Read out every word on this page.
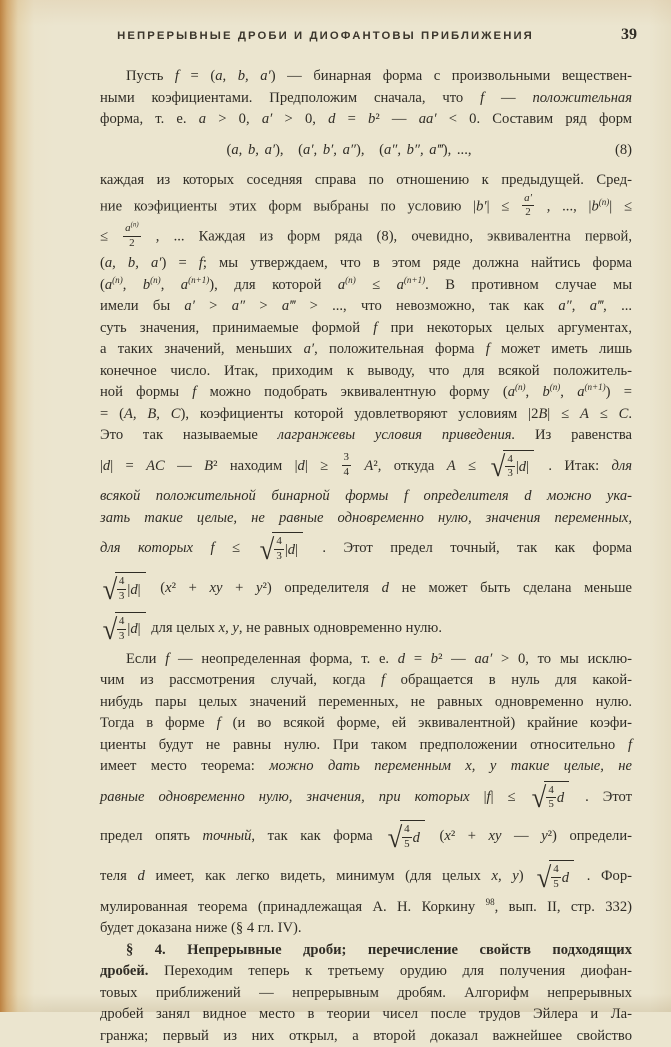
НЕПРЕРЫВНЫЕ ДРОБИ И ДИОФАНТОВЫ ПРИБЛИЖЕНИЯ	39
Пусть f = (a, b, a′) — бинарная форма с произвольными веществен-
ными коэфициентами. Предположим сначала, что f — положительная
форма, т. е. a > 0, a′ > 0, d = b² — aa′ < 0. Составим ряд форм
(a, b, a′),  (a′, b′, a″),  (a″, b″, a‴), ...,	(8)
каждая из которых соседняя справа по отношению к предыдущей. Сред-
ние коэфициенты этих форм выбраны по условию $|b'| \le \frac{a'}{2}$ , ..., $|b^{(n)}|$ ≤
≤ $\frac{a^{(n)}}{2}$ , ... Каждая из форм ряда (8), очевидно, эквивалентна первой,
(a, b, a′) = f; мы утверждаем, что в этом ряде должна найтись форма
($a^{(n)}$, $b^{(n)}$, $a^{(n+1)}$), для которой $a^{(n)} \le a^{(n+1)}$. В противном случае мы
имели бы a′ > a″ > a‴ > ..., что невозможно, так как a″, a‴, ...
суть значения, принимаемые формой f при некоторых целых аргументах,
а таких значений, меньших a′, положительная форма f может иметь лишь
конечное число. Итак, приходим к выводу, что для всякой положитель-
ной формы f можно подобрать эквивалентную форму ($a^{(n)}$, $b^{(n)}$, $a^{(n+1)}$) =
= (A, B, C), коэфициенты которой удовлетворяют условиям |2B| ≤ A ≤ C.
Это так называемые лагранжевы условия приведения. Из равенства
|d| = AC — B² находим $|d| \ge \frac{3}{4} A^2$, откуда A ≤ √
$\frac{4}{3}$ | d | . Итак: для
всякой положительной бинарной формы f определителя d можно ука-
зать такие целые, не равные одновременно нулю, значения переменных,
для которых f ≤ √
$\frac{4}{3}$ | d | . Этот предел точный, так как форма
√
$\frac{4}{3}$ | d | (x² + xy + y²) определителя d не может быть сделана меньше
√
$\frac{4}{3}$ | d | для целых x, y, не равных одновременно нулю.
Если f — неопределенная форма, т. е. d = b² — aa′ > 0, то мы исклю-
чим из рассмотрения случай, когда f обращается в нуль для какой-
нибудь пары целых значений переменных, не равных одновременно нулю.
Тогда в форме f (и во всякой форме, ей эквивалентной) крайние коэфи-
циенты будут не равны нулю. При таком предположении относительно f
имеет место теорема: можно дать переменным x, y такие целые, не
равные одновременно нулю, значения, при которых |f| ≤ √
$\frac{4}{5}$ d . Этот
предел опять точный, так как форма √
$\frac{4}{5}$ d (x² + xy — y²) определи-
теля d имеет, как легко видеть, минимум (для целых x, y) √
$\frac{4}{5}$ d . Фор-
мулированная теорема (принадлежащая А. Н. Коркину $^{98}$, вып. II, стр. 332)
будет доказана ниже (§ 4 гл. IV).
§ 4. Непрерывные дроби; перечисление свойств подходящих
дробей. Переходим теперь к третьему орудию для получения диофан-
товых приближений — непрерывным дробям. Алгорифм непрерывных
дробей занял видное место в теории чисел после трудов Эйлера и Ла-
гранжа; первый из них открыл, а второй доказал важнейшее свойство
